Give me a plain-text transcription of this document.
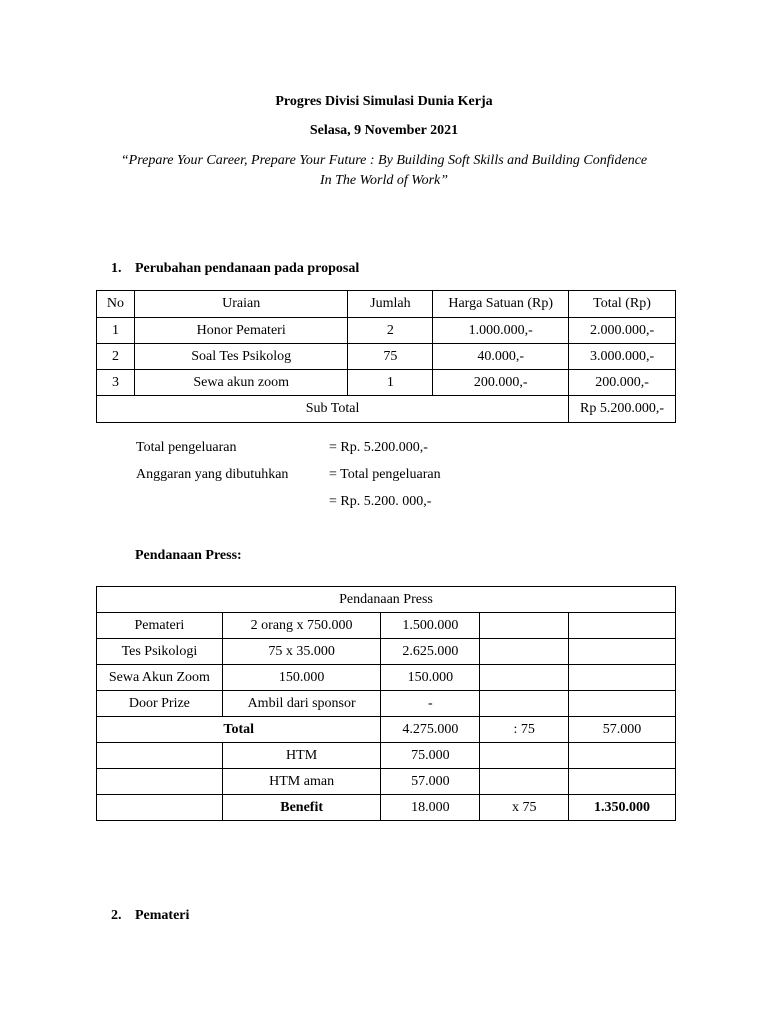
Progres Divisi Simulasi Dunia Kerja
Selasa, 9 November 2021
“Prepare Your Career, Prepare Your Future : By Building Soft Skills and Building Confidence
In The World of Work”
1. Perubahan pendanaan pada proposal
No	Uraian	Jumlah	Harga Satuan (Rp)	Total (Rp)
1	Honor Pemateri	2	1.000.000,-	2.000.000,-
2	Soal Tes Psikolog	75	40.000,-	3.000.000,-
3	Sewa akun zoom	1	200.000,-	200.000,-
Sub Total				Rp 5.200.000,-
Total pengeluaran	= Rp. 5.200.000,-
Anggaran yang dibutuhkan	= Total pengeluaran
= Rp. 5.200. 000,-
Pendanaan Press:
Pendanaan Press				
Pemateri	2 orang x 750.000	1.500.000		
Tes Psikologi	75 x 35.000	2.625.000		
Sewa Akun Zoom	150.000	150.000		
Door Prize	Ambil dari sponsor	-		
Total		4.275.000	: 75	57.000
	HTM	75.000		
	HTM aman	57.000		
	Benefit	18.000	x 75	1.350.000
2. Pemateri
